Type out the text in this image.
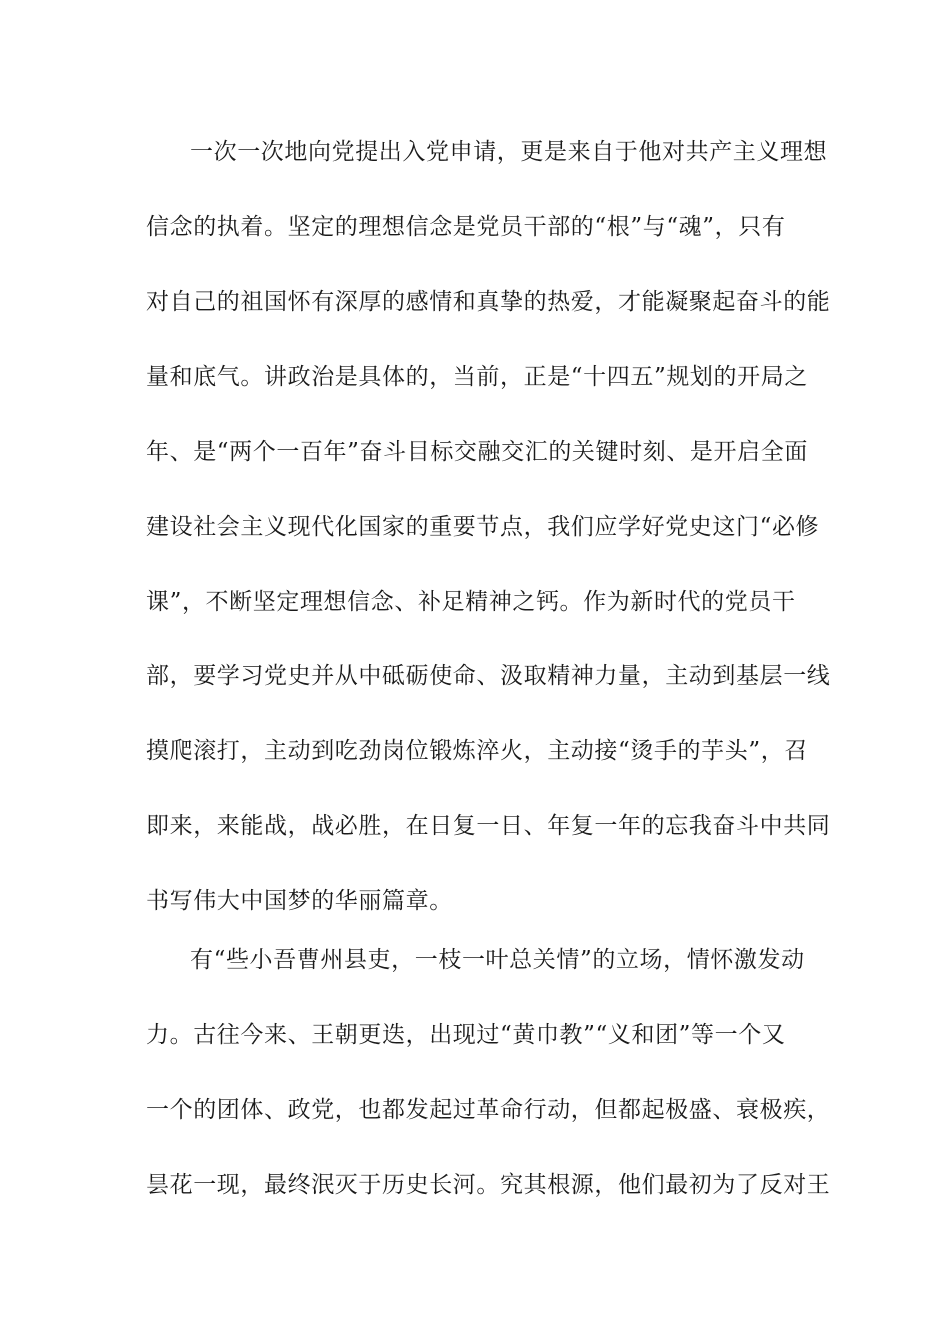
一次一次地向党提出入党申请，更是来自于他对共产主义理想
信念的执着。坚定的理想信念是党员干部的“根”与“魂”，只有
对自己的祖国怀有深厚的感情和真挚的热爱，才能凝聚起奋斗的能
量和底气。讲政治是具体的，当前，正是“十四五”规划的开局之
年、是“两个一百年”奋斗目标交融交汇的关键时刻、是开启全面
建设社会主义现代化国家的重要节点，我们应学好党史这门“必修
课”，不断坚定理想信念、补足精神之钙。作为新时代的党员干
部，要学习党史并从中砥砺使命、汲取精神力量，主动到基层一线
摸爬滚打，主动到吃劲岗位锻炼淬火，主动接“烫手的芋头”，召
即来，来能战，战必胜，在日复一日、年复一年的忘我奋斗中共同
书写伟大中国梦的华丽篇章。
有“些小吾曹州县吏，一枝一叶总关情”的立场，情怀激发动
力。古往今来、王朝更迭，出现过“黄巾教”“义和团”等一个又
一个的团体、政党，也都发起过革命行动，但都起极盛、衰极疾，
昙花一现，最终泯灭于历史长河。究其根源，他们最初为了反对王
